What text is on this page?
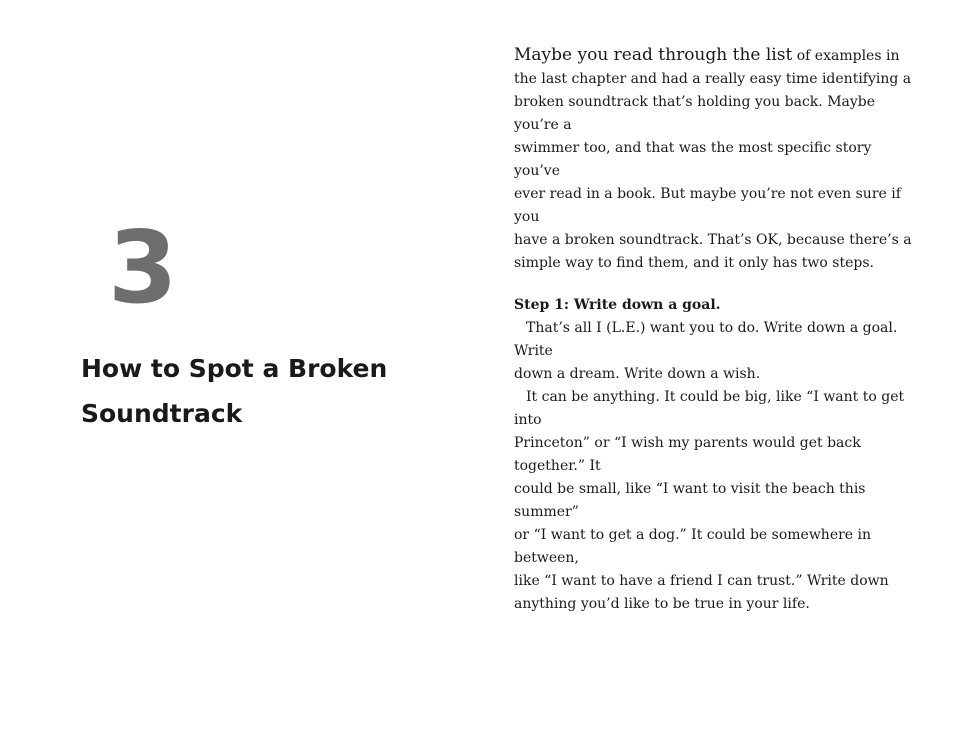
3
How to Spot a Broken
Soundtrack

Maybe you read through the list of examples in
the last chapter and had a really easy time identifying a
broken soundtrack that’s holding you back. Maybe you’re a
swimmer too, and that was the most specific story you’ve
ever read in a book. But maybe you’re not even sure if you
have a broken soundtrack. That’s OK, because there’s a
simple way to find them, and it only has two steps.

Step 1: Write down a goal.

That’s all I (L.E.) want you to do. Write down a goal. Write
down a dream. Write down a wish.

It can be anything. It could be big, like “I want to get into
Princeton” or “I wish my parents would get back together.” It
could be small, like “I want to visit the beach this summer”
or “I want to get a dog.” It could be somewhere in between,
like “I want to have a friend I can trust.” Write down
anything you’d like to be true in your life.
